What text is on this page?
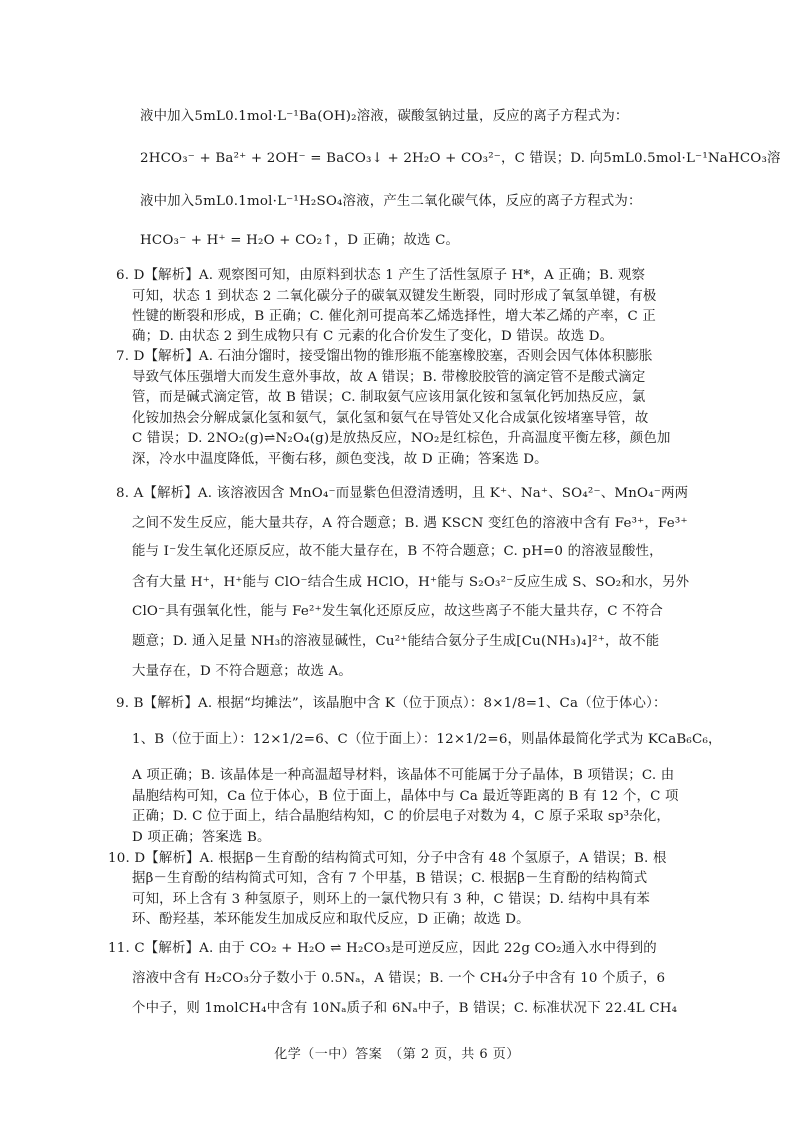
液中加入5mL0.1mol·L⁻¹Ba(OH)₂溶液，碳酸氢钠过量，反应的离子方程式为：
2HCO₃⁻ + Ba²⁺ + 2OH⁻ = BaCO₃↓ + 2H₂O + CO₃²⁻，C 错误；D. 向5mL0.5mol·L⁻¹NaHCO₃溶
液中加入5mL0.1mol·L⁻¹H₂SO₄溶液，产生二氧化碳气体，反应的离子方程式为：
HCO₃⁻ + H⁺ = H₂O + CO₂↑，D 正确；故选 C。
6. D【解析】A. 观察图可知，由原料到状态 1 产生了活性氢原子 H*，A 正确；B. 观察
可知，状态 1 到状态 2 二氧化碳分子的碳氧双键发生断裂，同时形成了氧氢单键，有极
性键的断裂和形成，B 正确；C. 催化剂可提高苯乙烯选择性，增大苯乙烯的产率，C 正
确；D. 由状态 2 到生成物只有 C 元素的化合价发生了变化，D 错误。故选 D。
7. D【解析】A. 石油分馏时，接受馏出物的锥形瓶不能塞橡胶塞，否则会因气体体积膨胀
导致气体压强增大而发生意外事故，故 A 错误；B. 带橡胶胶管的滴定管不是酸式滴定
管，而是碱式滴定管，故 B 错误；C. 制取氨气应该用氯化铵和氢氧化钙加热反应，氯
化铵加热会分解成氯化氢和氨气，氯化氢和氨气在导管处又化合成氯化铵堵塞导管，故
C 错误；D. 2NO₂(g)⇌N₂O₄(g)是放热反应，NO₂是红棕色，升高温度平衡左移，颜色加
深，冷水中温度降低，平衡右移，颜色变浅，故 D 正确；答案选 D。
8. A【解析】A. 该溶液因含 MnO₄⁻而显紫色但澄清透明，且 K⁺、Na⁺、SO₄²⁻、MnO₄⁻两两
之间不发生反应，能大量共存，A 符合题意；B. 遇 KSCN 变红色的溶液中含有 Fe³⁺，Fe³⁺
能与 I⁻发生氧化还原反应，故不能大量存在，B 不符合题意；C. pH=0 的溶液显酸性，
含有大量 H⁺，H⁺能与 ClO⁻结合生成 HClO，H⁺能与 S₂O₃²⁻反应生成 S、SO₂和水，另外
ClO⁻具有强氧化性，能与 Fe²⁺发生氧化还原反应，故这些离子不能大量共存，C 不符合
题意；D. 通入足量 NH₃的溶液显碱性，Cu²⁺能结合氨分子生成[Cu(NH₃)₄]²⁺，故不能
大量存在，D 不符合题意；故选 A。
9. B【解析】A. 根据“均摊法”，该晶胞中含 K（位于顶点）：8×1/8=1、Ca（位于体心）：
1、B（位于面上）：12×1/2=6、C（位于面上）：12×1/2=6，则晶体最简化学式为 KCaB₆C₆，
A 项正确；B. 该晶体是一种高温超导材料，该晶体不可能属于分子晶体，B 项错误；C. 由
晶胞结构可知，Ca 位于体心，B 位于面上，晶体中与 Ca 最近等距离的 B 有 12 个，C 项
正确；D. C 位于面上，结合晶胞结构知，C 的价层电子对数为 4，C 原子采取 sp³杂化，
D 项正确；答案选 B。
10. D【解析】A. 根据β－生育酚的结构简式可知，分子中含有 48 个氢原子，A 错误；B. 根
据β－生育酚的结构简式可知，含有 7 个甲基，B 错误；C. 根据β－生育酚的结构简式
可知，环上含有 3 种氢原子，则环上的一氯代物只有 3 种，C 错误；D. 结构中具有苯
环、酚羟基，苯环能发生加成反应和取代反应，D 正确；故选 D。
11. C【解析】A. 由于 CO₂ + H₂O ⇌ H₂CO₃是可逆反应，因此 22g CO₂通入水中得到的
溶液中含有 H₂CO₃分子数小于 0.5Nₐ，A 错误；B. 一个 CH₄分子中含有 10 个质子，6
个中子，则 1molCH₄中含有 10Nₐ质子和 6Nₐ中子，B 错误；C. 标准状况下 22.4L CH₄
化学（一中）答案　（第 2 页，共 6 页）
